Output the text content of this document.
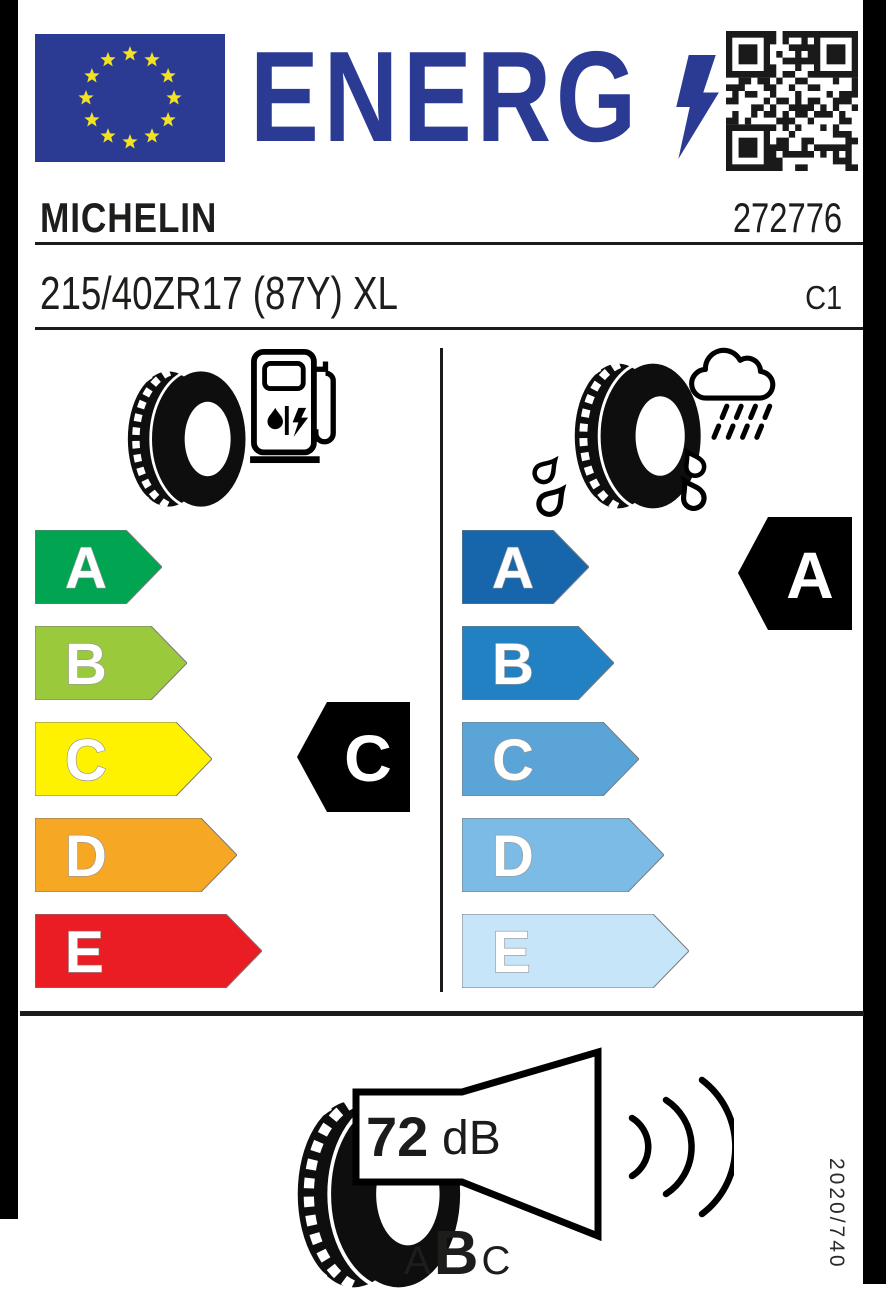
ENERG
MICHELIN	272776
215/40ZR17 (87Y) XL	C1
A
B
C
D
E
C
A
B
C
D
E
A
72 dB
A B C	2020/740
